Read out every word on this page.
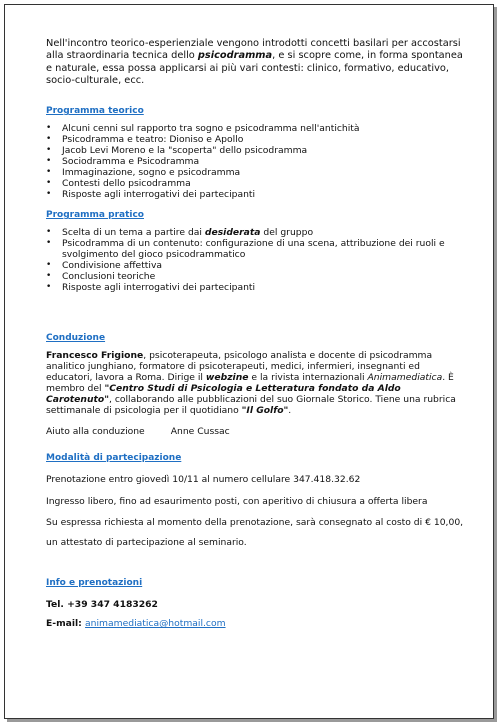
Nell'incontro teorico-esperienziale vengono introdotti concetti basilari per accostarsi alla straordinaria tecnica dello psicodramma, e si scopre come, in forma spontanea e naturale, essa possa applicarsi ai più vari contesti: clinico, formativo, educativo, socio-culturale, ecc.

Programma teorico
• Alcuni cenni sul rapporto tra sogno e psicodramma nell'antichità
• Psicodramma e teatro: Dioniso e Apollo
• Jacob Levi Moreno e la "scoperta" dello psicodramma
• Sociodramma e Psicodramma
• Immaginazione, sogno e psicodramma
• Contesti dello psicodramma
• Risposte agli interrogativi dei partecipanti
Programma pratico
• Scelta di un tema a partire dai desiderata del gruppo
• Psicodramma di un contenuto: configurazione di una scena, attribuzione dei ruoli e svolgimento del gioco psicodrammatico
• Condivisione affettiva
• Conclusioni teoriche
• Risposte agli interrogativi dei partecipanti
Conduzione

Francesco Frigione, psicoterapeuta, psicologo analista e docente di psicodramma analitico junghiano, formatore di psicoterapeuti, medici, infermieri, insegnanti ed educatori, lavora a Roma. Dirige il webzine e la rivista internazionali Animamediatica. È membro del "Centro Studi di Psicologia e Letteratura fondato da Aldo Carotenuto", collaborando alle pubblicazioni del suo Giornale Storico. Tiene una rubrica settimanale di psicologia per il quotidiano "Il Golfo".

Aiuto alla conduzione	Anne Cussac

Modalità di partecipazione

Prenotazione entro giovedì 10/11 al numero cellulare 347.418.32.62

Ingresso libero, fino ad esaurimento posti, con aperitivo di chiusura a offerta libera

Su espressa richiesta al momento della prenotazione, sarà consegnato al costo di € 10,00, un attestato di partecipazione al seminario.

Info e prenotazioni

Tel. +39 347 4183262

E-mail: animamediatica@hotmail.com
